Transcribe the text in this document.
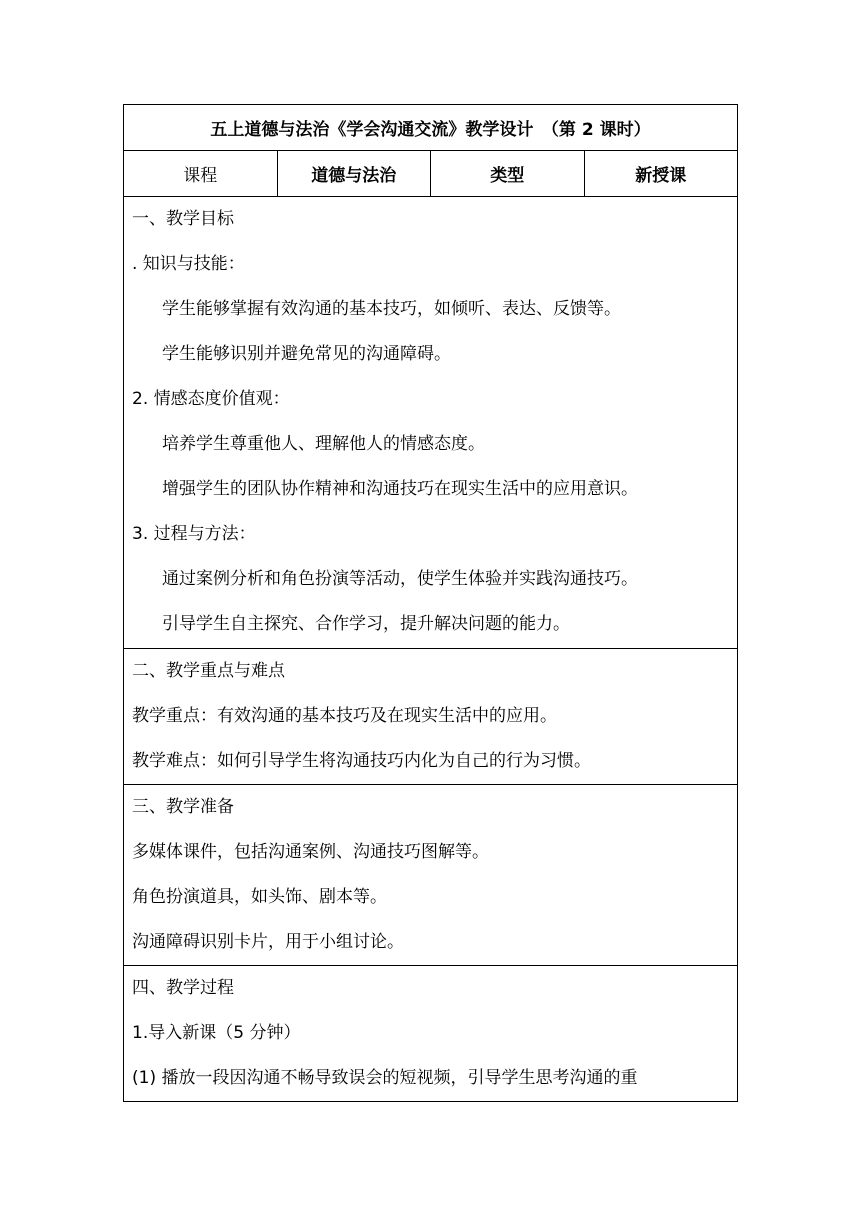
五上道德与法治《学会沟通交流》教学设计　（第 2 课时）
课程	道德与法治	类型	新授课
一、教学目标
. 知识与技能：
学生能够掌握有效沟通的基本技巧，如倾听、表达、反馈等。
学生能够识别并避免常见的沟通障碍。
2. 情感态度价值观：
培养学生尊重他人、理解他人的情感态度。
增强学生的团队协作精神和沟通技巧在现实生活中的应用意识。
3. 过程与方法：
通过案例分析和角色扮演等活动，使学生体验并实践沟通技巧。
引导学生自主探究、合作学习，提升解决问题的能力。
二、教学重点与难点
教学重点：有效沟通的基本技巧及在现实生活中的应用。
教学难点：如何引导学生将沟通技巧内化为自己的行为习惯。
三、教学准备
多媒体课件，包括沟通案例、沟通技巧图解等。
角色扮演道具，如头饰、剧本等。
沟通障碍识别卡片，用于小组讨论。
四、教学过程
1.导入新课（5 分钟）
(1) 播放一段因沟通不畅导致误会的短视频，引导学生思考沟通的重
